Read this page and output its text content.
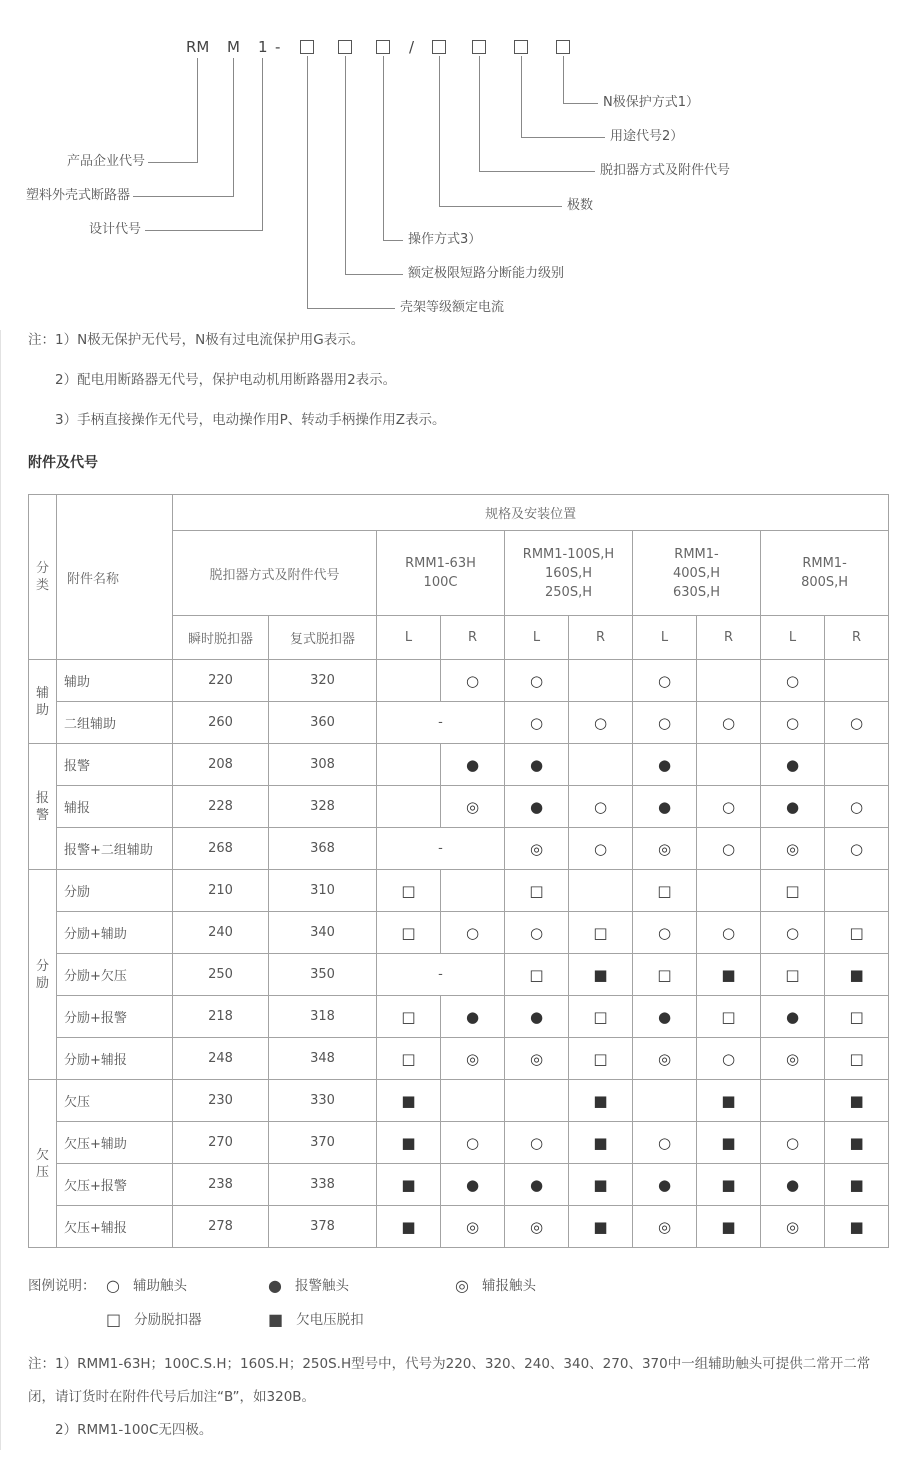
RM M 1 -	/
N极保护方式1）
用途代号2）
脱扣器方式及附件代号
极数
操作方式3）
额定极限短路分断能力级别
壳架等级额定电流
产品企业代号
塑料外壳式断路器
设计代号

注：1）N极无保护无代号，N极有过电流保护用G表示。

2）配电用断路器无代号，保护电动机用断路器用2表示。

3）手柄直接操作无代号，电动操作用P、转动手柄操作用Z表示。

附件及代号
分类	附件名称	规格及安装位置									
		脱扣器方式及附件代号		RMM1-63H
100C		RMM1-100S,H
160S,H
250S,H		RMM1-
400S,H
630S,H		RMM1-
800S,H	

		瞬时脱扣器	复式脱扣器	L	R	L	R	L	R	L	R
辅助	辅助	220	320		○	○		○		○	
	二组辅助	260	360	-		○	○	○	○	○	○
报警	报警	208	308		●	●		●		●	
	辅报	228	328		◎	●	○	●	○	●	○
	报警+二组辅助	268	368	-		◎	○	◎	○	◎	○
分励	分励	210	310	□		□		□		□	
	分励+辅助	240	340	□	○	○	□	○	○	○	□
	分励+欠压	250	350	-		□	■	□	■	□	■
	分励+报警	218	318	□	●	●	□	●	□	●	□
	分励+辅报	248	348	□	◎	◎	□	◎	○	◎	□
欠压	欠压	230	330	■			■		■		■
	欠压+辅助	270	370	■	○	○	■	○	■	○	■
	欠压+报警	238	338	■	●	●	■	●	■	●	■
	欠压+辅报	278	378	■	◎	◎	■	◎	■	◎	■
图例说明： ○ 辅助触头	● 报警触头	◎ 辅报触头
□ 分励脱扣器	■ 欠电压脱扣

注：1）RMM1-63H；100C.S.H；160S.H；250S.H型号中，代号为220、320、240、340、270、370中一组辅助触头可提供二常开二常闭，请订货时在附件代号后加注“B”，如320B。

2）RMM1-100C无四极。
